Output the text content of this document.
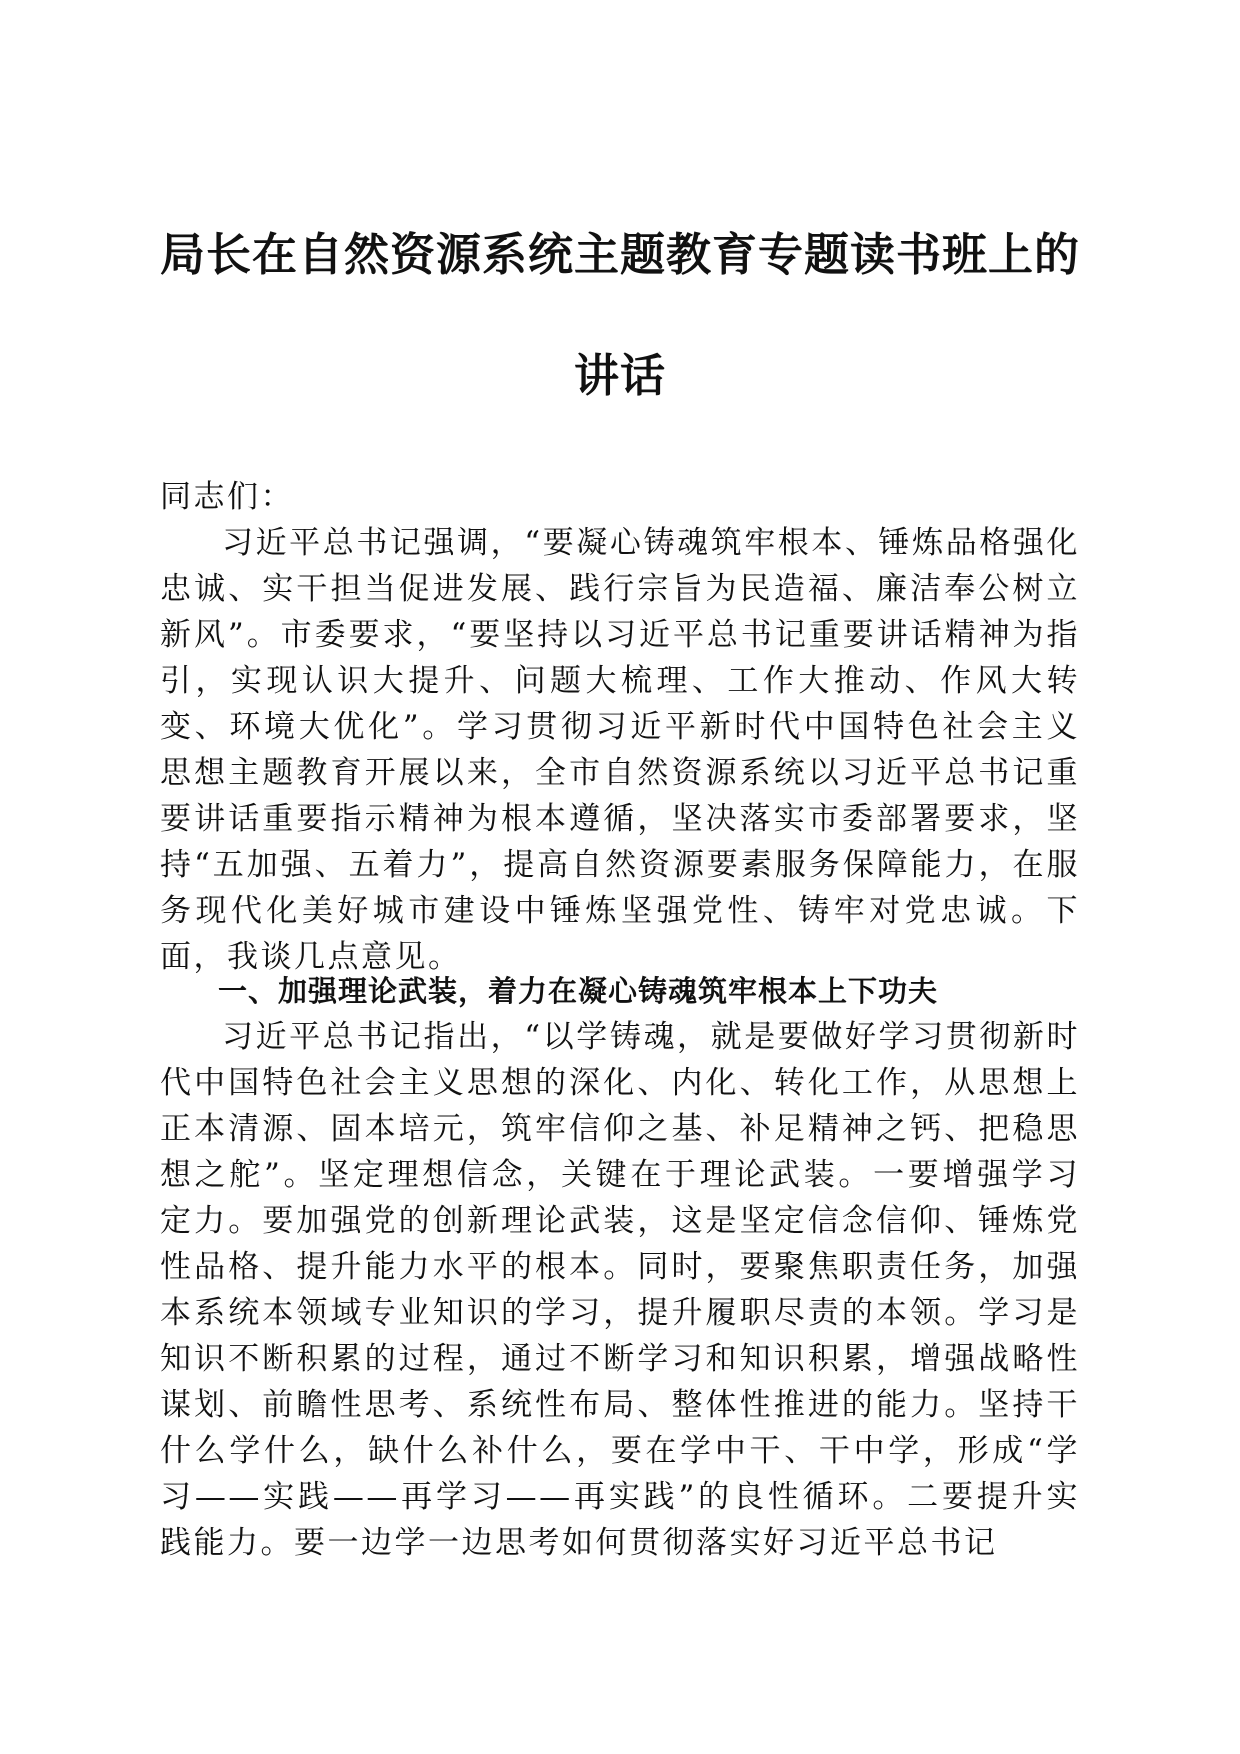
局长在自然资源系统主题教育专题读书班上的
讲话

同志们：

习近平总书记强调，“要凝心铸魂筑牢根本、锤炼品格强化忠诚、实干担当促进发展、践行宗旨为民造福、廉洁奉公树立新风”。市委要求，“要坚持以习近平总书记重要讲话精神为指引，实现认识大提升、问题大梳理、工作大推动、作风大转变、环境大优化”。学习贯彻习近平新时代中国特色社会主义思想主题教育开展以来，全市自然资源系统以习近平总书记重要讲话重要指示精神为根本遵循，坚决落实市委部署要求，坚持“五加强、五着力”，提高自然资源要素服务保障能力，在服务现代化美好城市建设中锤炼坚强党性、铸牢对党忠诚。下面，我谈几点意见。

一、加强理论武装，着力在凝心铸魂筑牢根本上下功夫

习近平总书记指出，“以学铸魂，就是要做好学习贯彻新时代中国特色社会主义思想的深化、内化、转化工作，从思想上正本清源、固本培元，筑牢信仰之基、补足精神之钙、把稳思想之舵”。坚定理想信念，关键在于理论武装。一要增强学习定力。要加强党的创新理论武装，这是坚定信念信仰、锤炼党性品格、提升能力水平的根本。同时，要聚焦职责任务，加强本系统本领域专业知识的学习，提升履职尽责的本领。学习是知识不断积累的过程，通过不断学习和知识积累，增强战略性谋划、前瞻性思考、系统性布局、整体性推进的能力。坚持干什么学什么，缺什么补什么，要在学中干、干中学，形成“学习——实践——再学习——再实践”的良性循环。二要提升实践能力。要一边学一边思考如何贯彻落实好习近平总书记
